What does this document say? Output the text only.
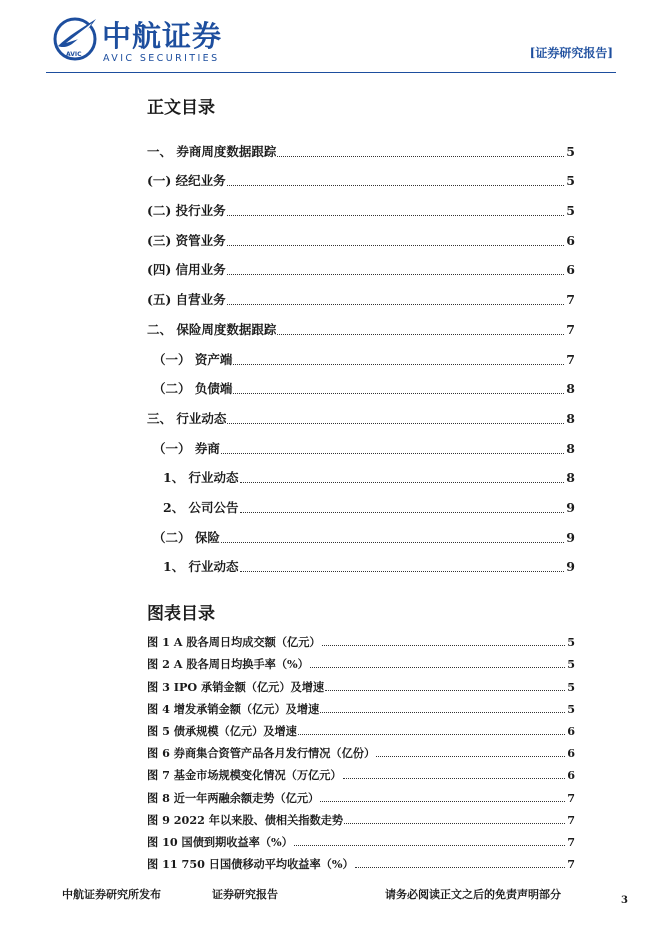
AVIC
中航证券
AVIC SECURITIES	[证券研究报告]
正文目录
一、 券商周度数据跟踪	5
(一) 经纪业务	5
(二) 投行业务	5
(三) 资管业务	6
(四) 信用业务	6
(五) 自营业务	7
二、 保险周度数据跟踪	7
（一） 资产端	7
（二） 负债端	8
三、 行业动态	8
（一） 券商	8
1、 行业动态	8
2、 公司公告	9
（二） 保险	9
1、 行业动态	9
图表目录
图 1 A 股各周日均成交额（亿元）	5
图 2 A 股各周日均换手率（%）	5
图 3 IPO 承销金额（亿元）及增速	5
图 4 增发承销金额（亿元）及增速	5
图 5 债承规模（亿元）及增速	6
图 6 券商集合资管产品各月发行情况（亿份）	6
图 7 基金市场规模变化情况（万亿元）	6
图 8 近一年两融余额走势（亿元）	7
图 9 2022 年以来股、债相关指数走势	7
图 10 国债到期收益率（%）	7
图 11 750 日国债移动平均收益率（%）	7
中航证券研究所发布	证券研究报告	请务必阅读正文之后的免责声明部分	3
